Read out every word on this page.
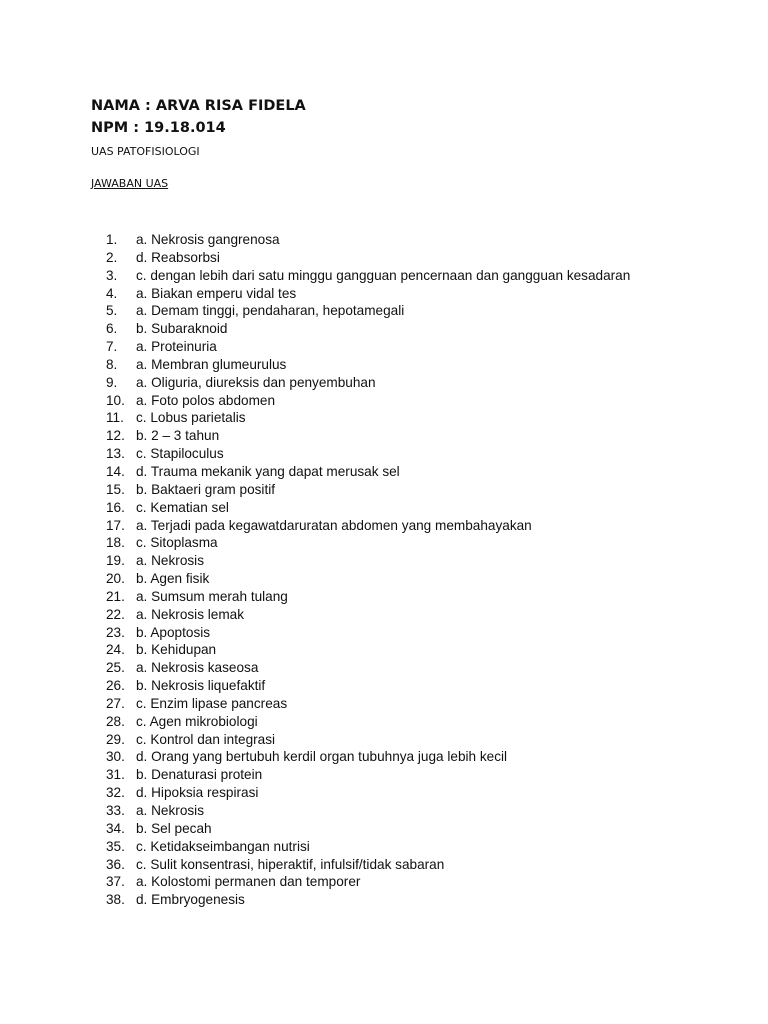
NAMA : ARVA RISA FIDELA
NPM : 19.18.014
UAS PATOFISIOLOGI
JAWABAN UAS
1.	a. Nekrosis gangrenosa
2.	d. Reabsorbsi
3.	c. dengan lebih dari satu minggu gangguan pencernaan dan gangguan kesadaran
4.	a. Biakan emperu vidal tes
5.	a. Demam tinggi, pendaharan, hepotamegali
6.	b. Subaraknoid
7.	a. Proteinuria
8.	a. Membran glumeurulus
9.	a. Oliguria, diureksis dan penyembuhan
10. a. Foto polos abdomen
11. c. Lobus parietalis
12. b. 2 – 3 tahun
13. c. Stapiloculus
14. d. Trauma mekanik yang dapat merusak sel
15. b. Baktaeri gram positif
16. c. Kematian sel
17. a. Terjadi pada kegawatdaruratan abdomen yang membahayakan
18. c. Sitoplasma
19. a. Nekrosis
20. b. Agen fisik
21. a. Sumsum merah tulang
22. a. Nekrosis lemak
23. b. Apoptosis
24. b. Kehidupan
25. a. Nekrosis kaseosa
26. b. Nekrosis liquefaktif
27. c. Enzim lipase pancreas
28. c. Agen mikrobiologi
29. c. Kontrol dan integrasi
30. d. Orang yang bertubuh kerdil organ tubuhnya juga lebih kecil
31. b. Denaturasi protein
32. d. Hipoksia respirasi
33. a. Nekrosis
34. b. Sel pecah
35. c. Ketidakseimbangan nutrisi
36. c. Sulit konsentrasi, hiperaktif, infulsif/tidak sabaran
37. a. Kolostomi permanen dan temporer
38. d. Embryogenesis
